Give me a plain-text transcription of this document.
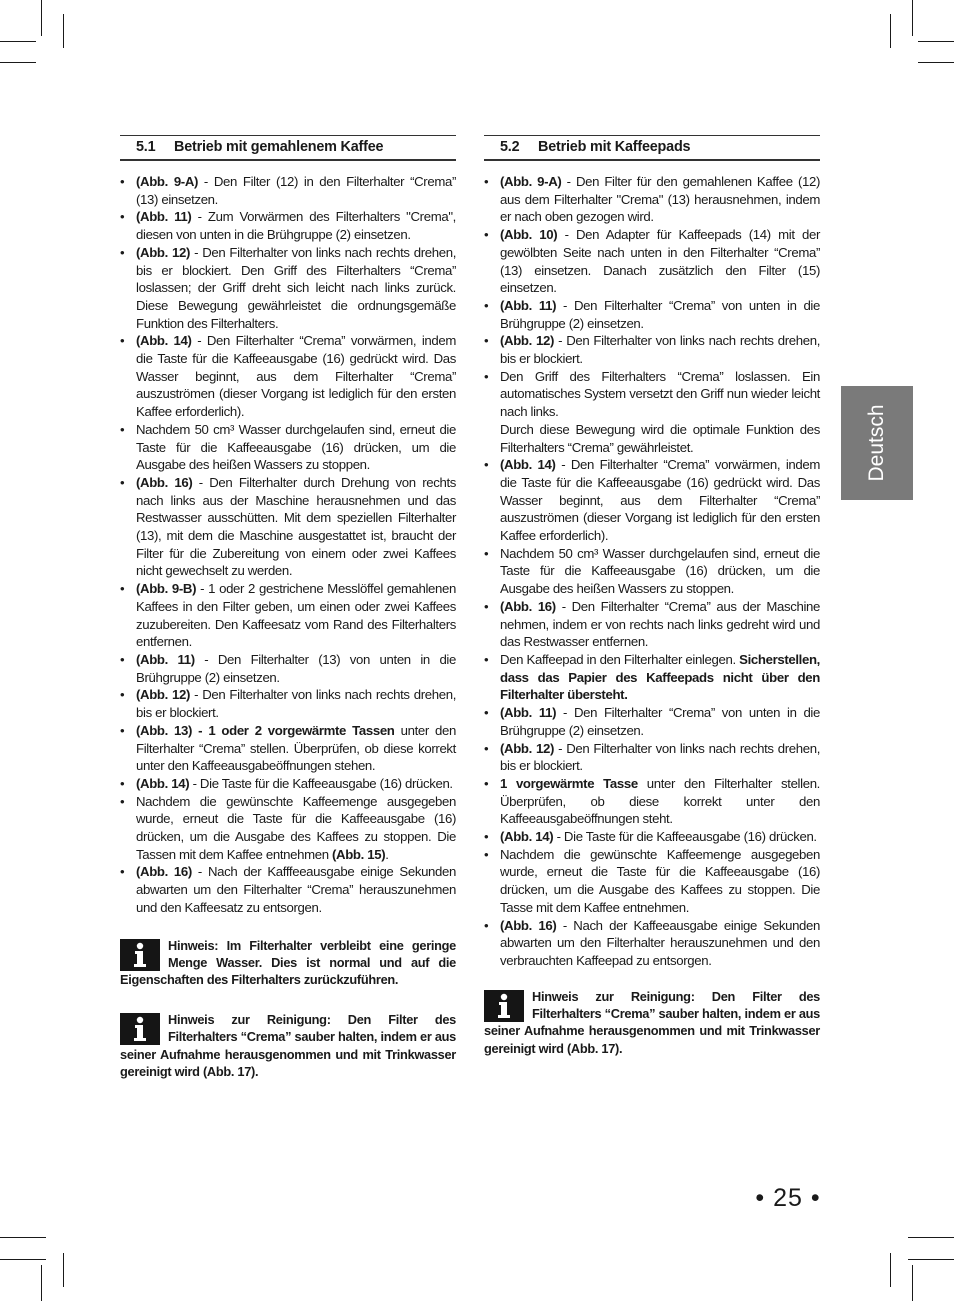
5.1 Betrieb mit gemahlenem Kaffee
• (Abb. 9-A) - Den Filter (12) in den Filterhalter “Crema” (13) einsetzen.
• (Abb. 11) - Zum Vorwärmen des Filterhalters "Crema", diesen von unten in die Brühgruppe (2) einsetzen.
• (Abb. 12) - Den Filterhalter von links nach rechts drehen, bis er blockiert. Den Griff des Filterhalters “Crema” loslassen; der Griff dreht sich leicht nach links zurück. Diese Bewegung gewährleistet die ordnungsgemäße Funktion des Filterhalters.
• (Abb. 14) - Den Filterhalter “Crema” vorwärmen, indem die Taste für die Kaffeeausgabe (16) gedrückt wird. Das Wasser beginnt, aus dem Filterhalter “Crema” auszuströmen (dieser Vorgang ist lediglich für den ersten Kaffee erforderlich).
• Nachdem 50 cm³ Wasser durchgelaufen sind, erneut die Taste für die Kaffeeausgabe (16) drücken, um die Ausgabe des heißen Wassers zu stoppen.
• (Abb. 16) - Den Filterhalter durch Drehung von rechts nach links aus der Maschine herausnehmen und das Restwasser ausschütten. Mit dem speziellen Filterhalter (13), mit dem die Maschine ausgestattet ist, braucht der Filter für die Zubereitung von einem oder zwei Kaffees nicht gewechselt zu werden.
• (Abb. 9-B) - 1 oder 2 gestrichene Messlöffel gemahlenen Kaffees in den Filter geben, um einen oder zwei Kaffees zuzubereiten. Den Kaffeesatz vom Rand des Filterhalters entfernen.
• (Abb. 11) - Den Filterhalter (13) von unten in die Brühgruppe (2) einsetzen.
• (Abb. 12) - Den Filterhalter von links nach rechts drehen, bis er blockiert.
• (Abb. 13) - 1 oder 2 vorgewärmte Tassen unter den Filterhalter “Crema” stellen. Überprüfen, ob diese korrekt unter den Kaffeeausgabeöffnungen stehen.
• (Abb. 14) - Die Taste für die Kaffeeausgabe (16) drücken.
• Nachdem die gewünschte Kaffeemenge ausgegeben wurde, erneut die Taste für die Kaffeeausgabe (16) drücken, um die Ausgabe des Kaffees zu stoppen. Die Tassen mit dem Kaffee entnehmen (Abb. 15).
• (Abb. 16) - Nach der Kafffeeausgabe einige Sekunden abwarten um den Filterhalter “Crema” herauszunehmen und den Kaffeesatz zu entsorgen.
Hinweis: Im Filterhalter verbleibt eine geringe Menge Wasser. Dies ist normal und auf die Eigenschaften des Filterhalters zurückzuführen.
Hinweis zur Reinigung: Den Filter des Filterhalters “Crema” sauber halten, indem er aus seiner Aufnahme herausgenommen und mit Trinkwasser gereinigt wird (Abb. 17).
5.2 Betrieb mit Kaffeepads
• (Abb. 9-A) - Den Filter für den gemahlenen Kaffee (12) aus dem Filterhalter "Crema" (13) herausnehmen, indem er nach oben gezogen wird.
• (Abb. 10) - Den Adapter für Kaffeepads (14) mit der gewölbten Seite nach unten in den Filterhalter “Crema” (13) einsetzen. Danach zusätzlich den Filter (15) einsetzen.
• (Abb. 11) - Den Filterhalter “Crema” von unten in die Brühgruppe (2) einsetzen.
• (Abb. 12) - Den Filterhalter von links nach rechts drehen, bis er blockiert.
• Den Griff des Filterhalters “Crema” loslassen. Ein automatisches System versetzt den Griff nun wieder leicht nach links.
Durch diese Bewegung wird die optimale Funktion des Filterhalters “Crema” gewährleistet.
• (Abb. 14) - Den Filterhalter “Crema” vorwärmen, indem die Taste für die Kaffeeausgabe (16) gedrückt wird. Das Wasser beginnt, aus dem Filterhalter “Crema” auszuströmen (dieser Vorgang ist lediglich für den ersten Kaffee erforderlich).
• Nachdem 50 cm³ Wasser durchgelaufen sind, erneut die Taste für die Kaffeeausgabe (16) drücken, um die Ausgabe des heißen Wassers zu stoppen.
• (Abb. 16) - Den Filterhalter “Crema” aus der Maschine nehmen, indem er von rechts nach links gedreht wird und das Restwasser entfernen.
• Den Kaffeepad in den Filterhalter einlegen. Sicherstellen, dass das Papier des Kaffeepads nicht über den Filterhalter übersteht.
• (Abb. 11) - Den Filterhalter “Crema” von unten in die Brühgruppe (2) einsetzen.
• (Abb. 12) - Den Filterhalter von links nach rechts drehen, bis er blockiert.
• 1 vorgewärmte Tasse unter den Filterhalter stellen. Überprüfen, ob diese korrekt unter den Kaffeeausgabeöffnungen steht.
• (Abb. 14) - Die Taste für die Kaffeeausgabe (16) drücken.
• Nachdem die gewünschte Kaffeemenge ausgegeben wurde, erneut die Taste für die Kaffeeausgabe (16) drücken, um die Ausgabe des Kaffees zu stoppen. Die Tasse mit dem Kaffee entnehmen.
• (Abb. 16) - Nach der Kaffeeausgabe einige Sekunden abwarten um den Filterhalter herauszunehmen und den verbrauchten Kaffeepad zu entsorgen.
Hinweis zur Reinigung: Den Filter des Filterhalters “Crema” sauber halten, indem er aus seiner Aufnahme herausgenommen und mit Trinkwasser gereinigt wird (Abb. 17).
Deutsch
• 25 •
